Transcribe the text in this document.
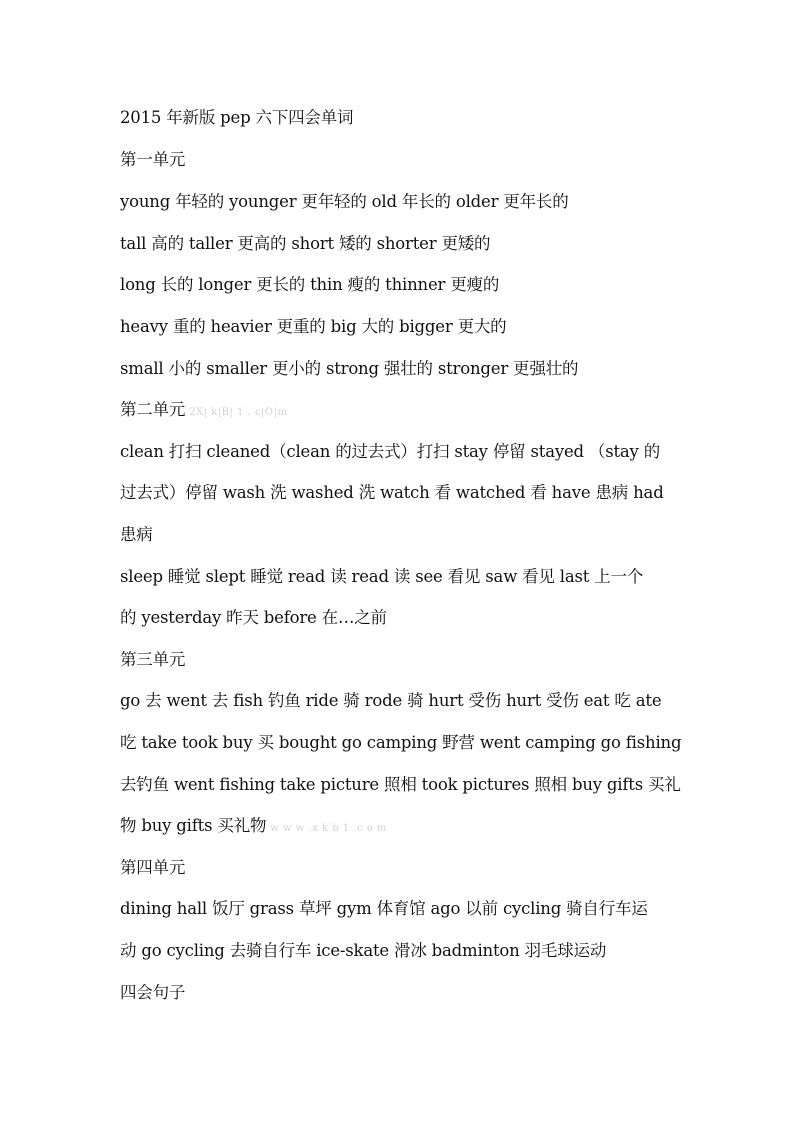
2015 年新版 pep 六下四会单词
第一单元
young 年轻的 younger 更年轻的 old 年长的 older 更年长的
tall 高的 taller 更高的 short 矮的 shorter 更矮的
long 长的 longer 更长的 thin 瘦的 thinner 更瘦的
heavy 重的 heavier 更重的 big 大的 bigger 更大的
small 小的 smaller 更小的 strong 强壮的 stronger 更强壮的
第二单元 2X| k|B| 1 . c|O|m
clean 打扫 cleaned（clean 的过去式）打扫 stay 停留 stayed （stay 的
过去式）停留 wash 洗 washed 洗 watch 看 watched 看 have 患病 had
患病
sleep 睡觉 slept 睡觉 read 读 read 读 see 看见 saw 看见 last 上一个
的 yesterday 昨天 before 在…之前
第三单元
go 去 went 去 fish 钓鱼 ride 骑 rode 骑 hurt 受伤 hurt 受伤 eat 吃 ate
吃 take took buy 买 bought go camping 野营 went camping go fishing
去钓鱼 went fishing take picture 照相 took pictures 照相 buy gifts 买礼
物 buy gifts 买礼物 w w w .x k b 1 .c o m
第四单元
dining hall 饭厅 grass 草坪 gym 体育馆 ago 以前 cycling 骑自行车运
动 go cycling 去骑自行车 ice-skate 滑冰 badminton 羽毛球运动
四会句子
